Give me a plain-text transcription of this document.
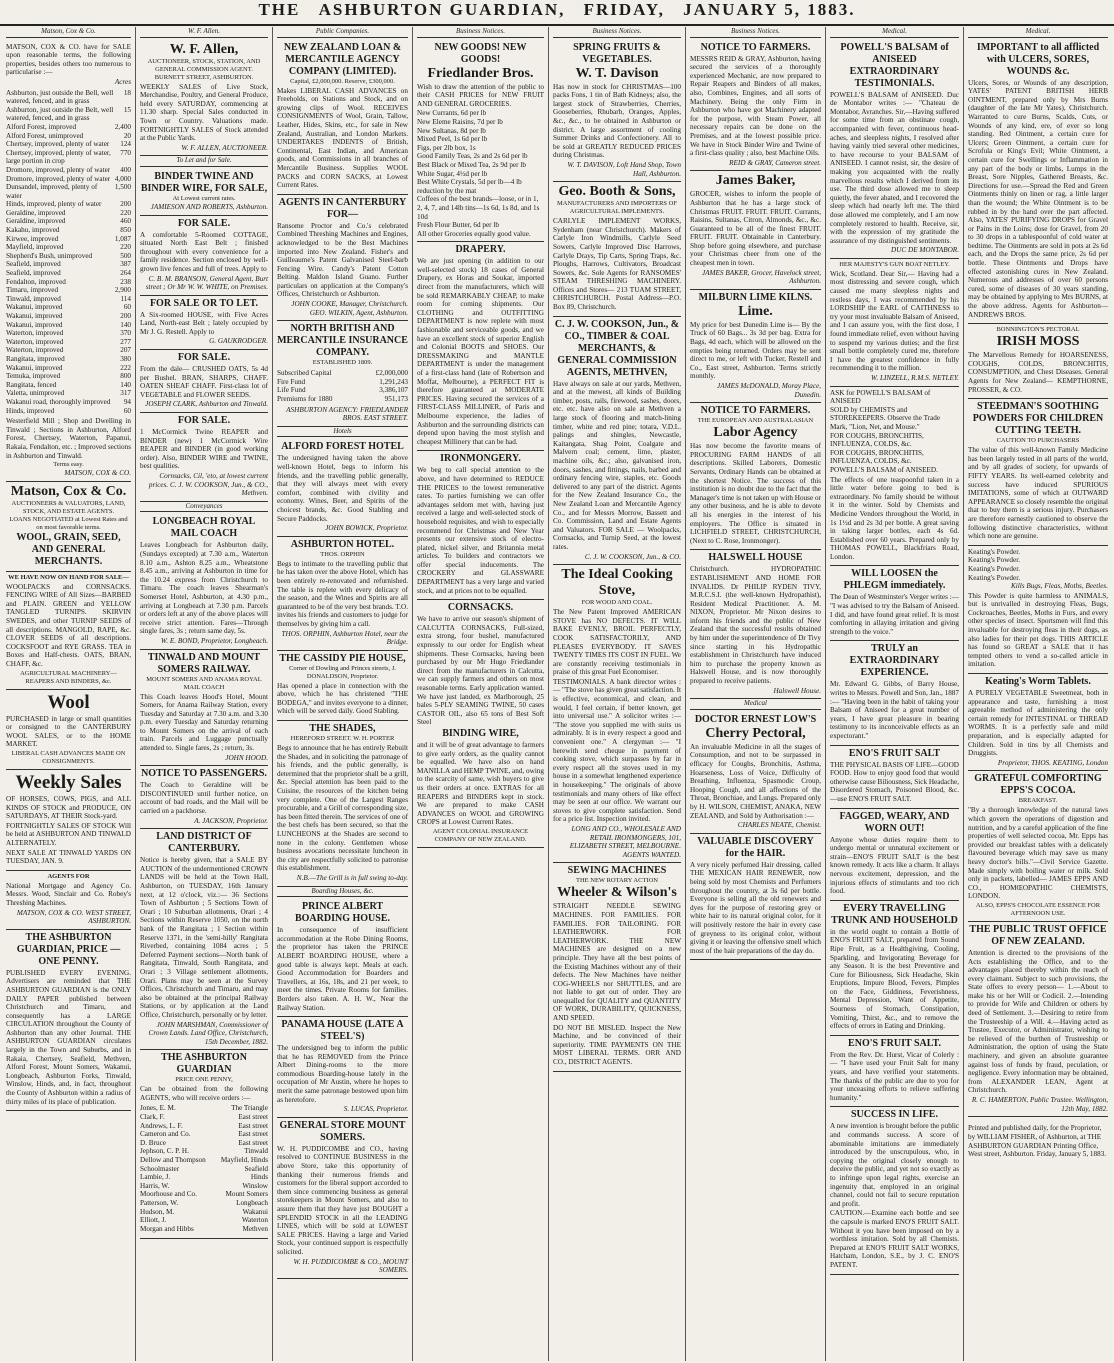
THE ASHBURTON GUARDIAN, FRIDAY, JANUARY 5, 1883.
Matson, Cox & Co.

MATSON, COX & CO. have for SALE upon reasonable terms, the following properties, besides others too numerous to particularise :—

Acres
Ashburton, just outside the Bell, well watered, fenced, and in grass
18
Ashburton, just outside the Belt, well watered, fenced, and in grass
15
Alford Forest, improved	2,400
Alford Forest, unimproved	20
Chertsey, improved, plenty of water 124
Chertsey, improved, plenty of water, large portion in crop
770
Dromore, improved, plenty of water 400
Dromore, improved, plenty of water 4,000
Dunsandel, improved, plenty of water
1,500
Hinds, improved, plenty of water	200
Geraldine, improved	220
Geraldine, improved	460
Kakahu, improved	850
Kirwee, improved	1,087
Mayfield, improved	220
Shepherd's Bush, unimproved	500
Seafield, improved	387
Seafield, improved	264
Fendalton, improved	238
Timaru, improved	2,900
Tinwald, improved	114
Wakanui, improved	60
Wakanui, improved	200
Wakanui, improved	140
Waterton, improved	370
Waterton, improved	277
Waterton, improved	207
Rangitata, improved	380
Wakanui, improved	222
Temuka, improved	800
Rangitata, fenced	140
Valetta, unimproved	317
Wakanui road, thoroughly improved 94
Hinds, improved	60

Westerfield Mill ; Shop and Dwelling in Tinwald ; Sections in Ashburton, Alford Forest, Chertsey, Waterton, Papanui, Rakaia, Fendalton, etc. ; Improved sections in Ashburton and Tinwald.

Terms easy.
MATSON, COX & CO.
Matson, Cox & Co.
AUCTIONEERS & VALUATORS, LAND, STOCK, AND ESTATE AGENTS.
LOANS NEGOTIATED at Lowest Rates and on most favorable terms.
WOOL, GRAIN, SEED, AND GENERAL MERCHANTS.
WE HAVE NOW ON HAND FOR SALE—

WOOLPACKS and CORNSACKS. FENCING WIRE of All Sizes—BARBED and PLAIN. GREEN and YELLOW TANGLED TURNIPS. SKIRVIN SWEDES, and other TURNIP SEEDS of all descriptions. MANGOLD, RAPE, &c. CLOVER SEEDS of all descriptions. COCKSFOOT and RYE GRASS. TEA in Boxes and Half-chests. OATS, BRAN, CHAFF, &c.

AGRICULTURAL MACHINERY—REAPERS AND BINDERS, &c.
Wool

PURCHASED in large or small quantities or consigned to the CANTERBURY WOOL SALES, or to the HOME MARKET.

LIBERAL CASH ADVANCES MADE ON CONSIGNMENTS.
Weekly Sales

OF HORSES, COWS, PIGS, and ALL KINDS OF STOCK and PRODUCE, ON SATURDAYS, AT THEIR Stock-yard.

FORTNIGHTLY SALES OF STOCK Will be held at ASHBURTON AND TINWALD ALTERNATELY.

NEXT SALE AT TINWALD YARDS ON TUESDAY, JAN. 9.

AGENTS FOR

National Mortgage and Agency Co. Messrs. Wood, Sinclair and Co. Robey's Threshing Machines.

MATSON, COX & CO. WEST STREET, ASHBURTON.
THE ASHBURTON GUARDIAN, PRICE — ONE PENNY.

PUBLISHED EVERY EVENING. Advertisers are reminded that THE ASHBURTON GUARDIAN is the ONLY DAILY PAPER published between Christchurch and Timaru, and consequently has a LARGE CIRCULATION throughout the County of Ashburton than any other Journal. THE ASHBURTON GUARDIAN circulates largely in the Town and Suburbs, and in Rakaia, Chertsey, Seafield, Methven, Alford Forest, Mount Somers, Wakanui, Longbeach, Ashburton Forks, Tinwald, Winslow, Hinds, and, in fact, throughout the County of Ashburton within a radius of thirty miles of its place of publication.

W. F. Allen.
W. F. Allen,
AUCTIONEER, STOCK, STATION, AND GENERAL COMMISSION AGENT.
BURNETT STREET, ASHBURTON.

WEEKLY SALES of Live Stock, Merchandise, Poultry, and General Produce, held every SATURDAY, commencing at 11.30 sharp. Special Sales conducted in Town or Country. Valuations made. FORTNIGHTLY SALES of Stock attended at the Public Yards.

W. F. ALLEN, AUCTIONEER.
To Let and for Sale.
BINDER TWINE AND BINDER WIRE, FOR SALE,
At Lowest current rates.
JAMIESON AND ROBERTS, Ashburton.
FOR SALE.

A comfortable 5-Roomed COTTAGE, situated North East Belt ; finished throughout with every convenience for a family residence. Section enclosed by well-grown live fences and full of trees. Apply to

C. B. M. BRANSON, General Agent, Burt street ; Or Mr W. W. WHITE, on Premises.
FOR SALE OR TO LET.

A Six-roomed HOUSE, with Five Acres Land, North-east Belt ; lately occupied by Mr J. G. Restell. Apply to

G. GAUKRODGER.
FOR SALE.

From the dale— CRUSHED OATS, 5s 4d per Bushel. BRAN, SHARPS, CHAFF. OATEN SHEAF CHAFF. First-class lot of VEGETABLE and FLOWER SEEDS.

JOSEPH CLARK, Ashburton and Tinwald.
FOR SALE.

1 McCormick Twine REAPER and BINDER (new) 1 McCormick Wire REAPER and BINDER (in good working order). Also, BINDER WIRE and TWINE, best qualities.

Cornsacks, Cil, 'eto, at lowest current prices. C. J. W. COOKSON, Jun., & CO., Methven.
Conveyances
LONGBEACH ROYAL MAIL COACH

Leaves Longbeach for Ashburton daily, (Sundays excepted) at 7.30 a.m., Waterton 8.10 a.m., Ashton 8.25 a.m., Wheatstone 8.45 a.m., arriving at Ashburton in time for the 10.24 express from Christchurch to Timaru. The coach leaves Shearman's Somerset Hotel, Ashburton, at 4.30 p.m., arriving at Longbeach at 7.30 p.m. Parcels or orders left at any of the above places will receive strict attention. Fares—Through single fares, 3s ; return same day, 5s.

W. E. BOND, Proprietor, Longbeach.
TINWALD AND MOUNT SOMERS RAILWAY.
MOUNT SOMERS AND ANAMA ROYAL MAIL COACH

This Coach leaves Hood's Hotel, Mount Somers, for Anama Railway Station, every Tuesday and Saturday at 7.30 a.m. and 3.30 p.m. every Tuesday and Saturday returning to Mount Somers on the arrival of each train. Parcels and Luggage punctually attended to. Single fares, 2s ; return, 3s.

JOHN HOOD.
NOTICE TO PASSENGERS.

The Coach to Geraldine will be DISCONTINUED until further notice, on account of bad roads, and the Mail will be carried on a packhorse.

A. JACKSON, Proprietor.
LAND DISTRICT OF CANTERBURY.

Notice is hereby given, that a SALE BY AUCTION of the undermentioned CROWN LANDS will be held at the Town Hall, Ashburton, on TUESDAY, 16th January next, at 12 o'clock, viz.:— 36 Sections Town of Ashburton ; 5 Sections Town of Orari ; 10 Suburban allotments, Orari ; 4 Sections within Reserve 1050, on the north bank of the Rangitata ; 1 Section within Reserve 1371, in the 'semi-hilly' Rangitata Riverbed, containing 1084 acres ; 5 Deferred Payment sections—North bank of Rangitata, Tinwald, South Rangitata, and Orari ; 3 Village settlement allotments, Orari. Plans may be seen at the Survey Offices, Christchurch and Timaru, and may also be obtained at the principal Railway Stations, or by application at the Land Office, Christchurch, personally or by letter.

JOHN MARSHMAN, Commissioner of Crown Lands. Land Office, Christchurch, 15th December, 1882.
THE ASHBURTON GUARDIAN
PRICE ONE PENNY,

Can be obtained from the following AGENTS, who will receive orders :—

Jones, E. M.	The Triangle
Clark, F.	East street
Andrews, L. F.	East street
Cameron and Co.	East street
D. Bruce	East street
Jephson, C. P. H.	Tinwald
Dellow and Thompson Mayfield, Hinds
Schoolmaster	Seafield
Lambie, J.	Hinds
Harris, W.	Winslow
Moorhouse and Co.	Mount Somers
Patterson, W.	Longbeach
Hudson, M.	Wakanui
Elliott, J.	Waterton
Morgan and Hibbs	Methven
Public Companies.
NEW ZEALAND LOAN & MERCANTILE AGENCY COMPANY (LIMITED).
Capital, £2,000,000. Reserve, £300,000.

Makes LIBERAL CASH ADVANCES on Freeholds, on Stations and Stock, and on growing clips of Wool. RECEIVES CONSIGNMENTS of Wool, Grain, Tallow, Leather, Hides, Skins, etc., for sale in New Zealand, Australian, and London Markets. UNDERTAKES INDENTS of British, Continental, East Indian, and American goods, and Commissions in all branches of Mercantile Business. Supplies WOOL PACKS and CORN SACKS, at Lowest Current Rates.

AGENTS IN CANTERBURY FOR—

Ransome Proctor and Co.'s celebrated Combined Threshing Machines and Engines, acknowledged to be the Best Machines imported into New Zealand. Fisher's and Guilleaume's Patent Galvanised Steel-barb Fencing Wire. Candy's Patent Cotton Belting. Maldon Island Guano. Further particulars on application at the Company's Offices, Christchurch or Ashburton.

JOHN COOKE, Manager, Christchurch. GEO. WILKIN, Agent, Ashburton.
NORTH BRITISH AND MERCANTILE INSURANCE COMPANY.
ESTABLISHED 1809.
Subscribed Capital	£2,000,000
Fire Fund	1,291,243
Life Fund	3,386,107
Premiums for 1880	951,173
ASHBURTON AGENCY: FRIEDLANDER BROS. EAST STREET.
Hotels
ALFORD FOREST HOTEL

The undersigned having taken the above well-known Hotel, begs to inform his friends, and the travelling public generally, that they will always meet with every comfort, combined with civility and economy. Wines, Beer, and Spirits of the choicest brands, &c. Good Stabling and Secure Paddocks.

JOHN BOWICK, Proprietor.
ASHBURTON HOTEL.
THOS. ORPHIN

Begs to intimate to the travelling public that he has taken over the above Hotel, which has been entirely re-renovated and refurnished. The table is replete with every delicacy of the season, and the Wines and Spirits are all guaranteed to be of the very best brands. T.O. invites his friends and customers to judge for themselves by giving him a call.

THOS. ORPHIN, Ashburton Hotel, near the Bridge.
THE CASSIDY PIE HOUSE,
Corner of Dowling and Princes streets, J. DONALDSON, Proprietor.

Has opened a place in connection with the above, which he has christened "THE BODEGA," and invites everyone to a dinner, which will be served daily. Good Stabling.

THE SHADES,
HEREFORD STREET. W. H. PORTER

Begs to announce that he has entirely Rebuilt the Shades, and in soliciting the patronage of his friends, and the public generally, is determined that the proprietor shall be a grill, &c. Special attention has been paid to the Cuisine, the resources of the kitchen being very complete. One of the Largest Ranges procurable, and a Grill of corresponding size, has been fitted therein. The services of one of the best chefs has been secured, so that the LUNCHEONS at the Shades are second to none in the colony. Gentlemen whose business avocations necessitate luncheon in the city are respectfully solicited to patronise this establishment.

N.B.—The Grill is in full swing to-day.
Boarding Houses, &c.
PRINCE ALBERT BOARDING HOUSE.

In consequence of insufficient accommodation at the Robe Dining Rooms, the proprietor has taken the PRINCE ALBERT BOARDING HOUSE, where a good table is always kept. Meals at each. Good Accommodation for Boarders and Travellers, at 16s, 18s, and 21 per week, to meet the times. Private Rooms for families. Borders also taken. A. H. W., Near the Railway Station.

PANAMA HOUSE (LATE A STEEL'S)

The undersigned beg to inform the public that he has REMOVED from the Prince Albert Dining-rooms to the more commodious Boarding-house lately in the occupation of Mr Austin, where he hopes to merit the same patronage bestowed upon him as heretofore.

S. LUCAS, Proprietor.
GENERAL STORE MOUNT SOMERS.

W. H. PUDDICOMBE and CO., having resolved to CONTINUE BUSINESS in the above Store, take this opportunity of thanking their numerous friends and customers for the liberal support accorded to them since commencing business as general storekeepers in Mount Somers, and also to assure them that they have just BOUGHT a SPLENDID STOCK in all the LEADING LINES, which will be sold at LOWEST SALE PRICES. Having a large and Varied Stock, your continued support is respectfully solicited.

W. H. PUDDICOMBE & CO., MOUNT SOMERS.
Business Notices.
NEW GOODS! NEW GOODS!
Friedlander Bros.

Wish to draw the attention of the public to their CASH PRICES for NEW FRUIT AND GENERAL GROCERIES.

New Currants, 6d per lb
New Eleme Raisins, 7d per lb
New Sultanas, 8d per lb
Mixed Peel, 1s 6d per lb
Figs, per 2lb box, 1s
Good Family Teas, 2s and 2s 6d per lb
Best Black or Mixed Tea, 2s 9d per lb
White Sugar, 4½d per lb
Best White Crystals, 5d per lb—4 lb reduction by the mat
Coffees of the best brands—loose, or in 1, 2, 4, 7, and 14lb tins—1s 6d, 1s 8d, and 1s 10d
Fresh Flour Butter, 6d per lb
All other Groceries equally good value.
DRAPERY.

We are just opening (in addition to our well-selected stock) 18 cases of General Drapery, ex Horas and Soukar, imported direct from the manufacturers, which will be sold REMARKABLY CHEAP, to make room for coming shipments. Our CLOTHING and OUTFITTING DEPARTMENT is now replete with most fashionable and serviceable goods, and we have an excellent stock of superior English and Colonial BOOTS and SHOES. Our DRESSMAKING and MANTLE DEPARTMENT is under the management of a first-class hand (late of Robertson and Moffat, Melbourne), a PERFECT FIT is therefore guaranteed at MODERATE PRICES. Having secured the services of a FIRST-CLASS MILLINER, of Paris and Melbourne experience, the ladies of Ashburton and the surrounding districts can depend upon having the most stylish and cheapest Millinery that can be had.

IRONMONGERY.

We beg to call special attention to the above, and have determined to REDUCE THE PRICES to the lowest remunerative rates. To parties furnishing we can offer advantages seldom met with, having just received a large and well-selected stock of household requisites, and wish to especially recommend for Christmas and New Year presents our extensive stock of electro-plated, nickel silver, and Britannia metal articles. To builders and contractors we offer special inducements. The CROCKERY and GLASSWARE DEPARTMENT has a very large and varied stock, and at prices not to be equalled.

CORNSACKS.

We have to arrive our season's shipment of CALCUTTA CORNSACKS, Full-sized, extra strong, four bushel, manufactured expressly to our order for English wheat shipments. These Cornsacks, having been purchased by our Mr Hugo Friedlander direct from the manufacturers in Calcutta, we can supply farmers and others on most reasonable terms. Early application wanted. We have just landed, ex Marlborough, 25 bales 5-PLY SEAMING TWINE, 50 cases CASTOR OIL, also 65 tons of Best Soft Steel

BINDING WIRE,

and it will be of great advantage to farmers to give early orders, as the quality cannot be equalled. We have also on hand MANILLA and HEMP TWINE, and, owing to the scarcity of same, wish buyers to give us their orders at once. EXTRAS for all REAPERS and BINDERS kept in stock. We are prepared to make CASH ADVANCES on WOOL and GROWING CROPS at Lowest Current Rates.

AGENT COLONIAL INSURANCE COMPANY OF NEW ZEALAND.
Business Notices.
SPRING FRUITS & VEGETABLES.
W. T. Davison

Has now in stock for CHRISTMAS—100 packs Fons, 1 tin of Bath Kidneys; also, the largest stock of Strawberries, Cherries, Gooseberries, Rhubarb, Oranges, Apples, &c., &c., to be obtained in Ashburton or district. A large assortment of cooling Summer Drinks and Confectionery. All to be sold at GREATLY REDUCED PRICES during Christmas.

W. T. DAVISON, Loft Hand Shop, Town Hall, Ashburton.
Geo. Booth & Sons,
MANUFACTURERS AND IMPORTERS OF AGRICULTURAL IMPLEMENTS.

CARLYLE IMPLEMENT WORKS, Sydenham (near Christchurch). Makers of Carlyle Iron Windmills, Carlyle Seed Sowers, Carlyle Improved Disc Harrows, Carlyle Drays, Tip Carts, Spring Traps, &c. Ploughs, Harrows, Cultivators, Broadcast Sowers, &c. Sole Agents for RANSOMES' STEAM THRESHING MACHINERY. Offices and Stores— 213 TUAM STREET, CHRISTCHURCH. Postal Address—P.O. Box 89, Christchurch.

C. J. W. COOKSON, Jun., & CO., TIMBER & COAL MERCHANTS, & GENERAL COMMISSION AGENTS, METHVEN,

Have always on sale at our yards, Methven, and at the mewest, all kinds of Building timber, posts, rails, firewood, sashes, doors, etc. etc. have also on sale at Methven a large stock of flooring and match-lining timber, white and red pine; totara, V.D.L. palings and shingles, Newcastle, Kaitangata, Shag Point, Coalgate and Malvern coal; cement, lime, plaster, machine oils, &c.; also, galvanised iron, doors, sashes, and fittings, nails, barbed and ordinary fencing wire, staples, etc. Goods delivered to any part of the district. Agents for the New Zealand Insurance Co., the New Zealand Loan and Mercantile Agency Co., and for Messrs Morrow, Bassett and Co. Commission, Land and Estate Agents and Valuators. FOR SALE — Woolpacks, Cornsacks, and Turnip Seed, at the lowest rates.

C. J. W. COOKSON, Jun., & CO.
The Ideal Cooking Stove,
FOR WOOD AND COAL.

The New Patent Improved AMERICAN STOVE has NO DEFECTS. IT WILL BAKE EVENLY, BROIL PERFECTLY, COOK SATISFACTORILY, AND PLEASES EVERYBODY. IT SAVES TWENTY TIMES ITS COST IN FUEL. We are constantly receiving testimonials in praise of this great Fuel Economiser.

TESTIMONIALS. A bank director writes :— "The stove has given great satisfaction. It is effective, economical, and clean, and would, I feel certain, if better known, get into universal use." A solicitor writes :— "The stove you supplied me with suits us admirably. It is in every respect a good and convenient one." A clergyman :— "I herewith send cheque in payment of cooking stove, which surpasses by far in every respect all the stoves used in my house in a somewhat lengthened experience in housekeeping." The originals of above testimonials and many others of like effect may be seen at our office. We warrant our stoves to give complete satisfaction. Send for a price list. Inspection invited.

LONG AND CO., WHOLESALE AND RETAIL IRONMONGERS, 101, ELIZABETH STREET, MELBOURNE. AGENTS WANTED.
SEWING MACHINES
THE NEW ROTARY ACTION
Wheeler & Wilson's

STRAIGHT NEEDLE SEWING MACHINES. FOR FAMILIES. FOR FAMILIES. FOR TAILORING. FOR LEATHERWORK. FOR LEATHERWORK. THE NEW MACHINES are designed on a new principle. They have all the best points of the Existing Machines without any of their defects. The New Machines have neither COG-WHEELS nor SHUTTLES, and are not liable to get out of order. They are unequalled for QUALITY and QUANTITY OF WORK, DURABILITY, QUICKNESS, AND SPEED.

DO NOT BE MISLED. Inspect the New Machine, and be convinced of their superiority. TIME PAYMENTS ON THE MOST LIBERAL TERMS. ORR AND CO., DISTRICT AGENTS.

Business Notices.
NOTICE TO FARMERS.

MESSRS REID & GRAY, Ashburton, having secured the services of a thoroughly experienced Mechanic, are now prepared to Repair Reapers and Binders of all makes, also, Combines, Engines, and all sorts of Machinery. Being the only Firm in Ashburton who have got Machinery adapted for the purpose, with Steam Power, all necessary repairs can be done on the Premises, and at the lowest possible price. We have in Stock Binder Wire and Twine of a first-class quality ; also, best Machine Oils.

REID & GRAY, Cameron street.
James Baker,

GROCER, wishes to inform the people of Ashburton that he has a large stock of Christmas FRUIT. FRUIT. FRUIT. Currants, Raisins, Sultanas, Citron, Almonds, &c., &c. Guaranteed to be all of the finest FRUIT. FRUIT. FRUIT. Obtainable in Canterbury. Shop before going elsewhere, and purchase your Christmas cheer from one of the cheapest men in town.

JAMES BAKER, Grocer, Havelock street, Ashburton.
MILBURN LIME KILNS.
Lime.

My price for best Dunedin Lime is— By the Truck of 60 Bags... 3s 3d per bag. Extra for Bags, 4d each, which will be allowed on the empties being returned. Orders may be sent direct to me, or left with Tucker, Restell and Co., East street, Ashburton. Terms strictly monthly.

JAMES McDONALD, Moray Place, Dunedin.
NOTICE TO FARMERS.
THE EUROPEAN AND AUSTRALASIAN
Labor Agency

Has now become the favorite means of PROCURING FARM HANDS of all descriptions. Skilled Laborers, Domestic Servants, Ordinary Hands can be obtained at the shortest Notice. The success of this institution is no doubt due to the fact that the Manager's time is not taken up with House or any other business, and he is able to devote all his energies in the interest of his employers. The Office is situated in LICHFIELD STREET, CHRISTCHURCH, (Next to C. Rose, Ironmonger).

HALSWELL HOUSE

Christchurch. HYDROPATHIC ESTABLISHMENT AND HOME FOR INVALIDS. Dr PHILIP RYDEN TIVY, M.R.C.S.I. (the well-known Hydropathist), Resident Medical Practitioner. A. M. NIXON, Proprietor. Mr Nixon desires to inform his friends and the public of New Zealand that the successful results obtained by him under the superintendence of Dr Tivy since starting in his Hydropathic establishment in Christchurch have induced him to purchase the property known as Halswell House, and is now thoroughly prepared to receive patients.

Halswell House.
Medical
DOCTOR ERNEST LOW'S
Cherry Pectoral,

An invaluable Medicine in all the stages of Consumption, and not to be surpassed in efficacy for Coughs, Bronchitis, Asthma, Hoarseness, Loss of Voice, Difficulty of Breathing, Influenza, Spasmodic Croup, Hooping Cough, and all affections of the Throat, Bronchiae, and Lungs. Prepared only by H. WILSON, CHEMIST, ANAKA, NEW ZEALAND, and Sold by Authorisation :—

CHARLES NEATE, Chemist.
VALUABLE DISCOVERY for the HAIR.

A very nicely perfumed Hair dressing, called THE MEXICAN HAIR RENEWER, now being sold by most Chemists and Perfumers throughout the country, at 3s 6d per bottle. Everyone is selling all the old renewers and dyes for the purpose of restoring grey or white hair to its natural original color, for it will positively restore the hair in every case of greyness to its original color, without giving it or leaving the offensive smell which most of the hair preparations of the day do.

Medical.
POWELL'S BALSAM of ANISEED
EXTRAORDINARY TESTIMONIALS.

POWELL'S BALSAM of ANISEED. Duc de Montabor writes :— "Chateau de Montabor, Avranches. Sir,—Having suffered for some time from an obstinate cough, accompanied with fever, continuous head-aches, and sleepless nights, I resolved after having vainly tried several other medicines, to have recourse to your BALSAM of ANISEED. I cannot resist, sir, the desire of making you acquainted with the really marvellous results which I derived from its use. The third dose allowed me to sleep quietly, the fever abated, and I recovered the sleep which had nearly left me. The third dose allowed me completely, and I am now completely restored to health. Receive, sir, with the expression of my gratitude the assurance of my distinguished sentiments.

DUC DE MONTABOR.
HER MAJESTY'S GUN BOAT NETLEY.

Wick, Scotland. Dear Sir,— Having had a most distressing and severe cough, which caused me many sleepless nights and restless days, I was recommended by his LORDSHIP the EARL of CAITHNESS to try your most invaluable Balsam of Aniseed, and I can assure you, with the first dose, I found immediate relief, even without having to suspend my various duties; and the first small bottle completely cured me, therefore I have the greatest confidence in fully recommending it to the million.

W. LINZELL, R.M.S. NETLEY.
ASK for POWELL'S BALSAM of ANISEED
SOLD by CHEMISTS and STOREKEEPERS. Observe the Trade Mark, "Lion, Net, and Mouse."
FOR COUGHS, BRONCHITIS, INFLUENZA, COLDS, &c.
FOR COUGHS, BRONCHITIS, INFLUENZA, COLDS, &c.
POWELL'S BALSAM of ANISEED.

The effects of one teaspoonful taken in a little water before going to bed is extraordinary. No family should be without it in the winter. Sold by Chemists and Medicine Vendors throughout the World, in 1s 1½d and 2s 3d per bottle. A great saving in taking larger bottles, each 4s 6d. Established over 60 years. Prepared only by THOMAS POWELL, Blackfriars Road, London.

WILL LOOSEN the PHLEGM immediately.

The Dean of Westminster's Verger writes :— "I was advised to try the Balsam of Aniseed. I did, and have found great relief. It is most comforting in allaying irritation and giving strength to the voice."

TRULY an EXTRAORDINARY EXPERIENCE.

Mr. Edward G. Gibbs, of Barry House, writes to Messrs. Powell and Son, Jan., 1887 :— "Having been in the habit of taking your Balsam of Aniseed for a great number of years, I have great pleasure in bearing testimony to its inconceivable effects as an expectorant."

ENO'S FRUIT SALT

THE PHYSICAL BASIS OF LIFE—GOOD FOOD. How to enjoy good food that would otherwise cause Biliousness, Sick Headache, Disordered Stomach, Poisoned Blood, &c.—use ENO'S FRUIT SALT.

FAGGED, WEARY, AND WORN OUT!

Anyone whose duties require them to undergo mental or unnatural excitement or strain—ENO'S FRUIT SALT is the best known remedy. It acts like a charm. It allays nervous excitement, depression, and the injurious effects of stimulants and too rich food.

EVERY TRAVELLING TRUNK AND HOUSEHOLD

in the world ought to contain a Bottle of ENO'S FRUIT SALT, prepared from Sound Ripe Fruit, as a Healthgiving, Cooling, Sparkling, and Invigorating Beverage for any Season. It is the best Preventive and Cure for Biliousness, Sick Headache, Skin Eruptions, Impure Blood, Fevers, Pimples on the Face, Giddiness, Feverishness, Mental Depression, Want of Appetite, Sourness of Stomach, Constipation, Vomiting, Thirst, &c., and to remove the effects of errors in Eating and Drinking.

ENO'S FRUIT SALT.

From the Rev. Dr. Hurst, Vicar of Colerly :— "I have used your Fruit Salt for many years, and have verified your statements. The thanks of the public are due to you for your unceasing efforts to relieve suffering humanity."

SUCCESS IN LIFE.

A new invention is brought before the public and commands success. A score of abominable imitations are immediately introduced by the unscrupulous, who, in copying the original closely enough to deceive the public, and yet not so exactly as to infringe upon legal rights, exercise an ingenuity that, employed in an original channel, could not fail to secure reputation and profit.

CAUTION.—Examine each bottle and see the capsule is marked ENO'S FRUIT SALT. Without it you have been imposed on by a worthless imitation. Sold by all Chemists. Prepared at ENO'S FRUIT SALT WORKS, Hatcham, London, S.E., by J. C. ENO'S PATENT.

Medical.
IMPORTANT to all afflicted with ULCERS, SORES, WOUNDS &c.

Ulcers, Sores, or Wounds of any description, YATES' PATENT BRITISH HERB OINTMENT, prepared only by Mrs Burns (daughter of the late Mr Yates), Christchurch. Warranted to cure Burns, Scalds, Cuts, or Wounds of any kind, ere, of ever so long standing. Red Ointment, a certain cure for Ulcers; Green Ointment, a certain cure for Scrofula or King's Evil; White Ointment, a certain cure for Swellings or Inflammation in any part of the body or limbs, Lumps in the Breast, Sore Nipples, Gathered Breasts, &c. Directions for use.—Spread the Red and Green Ointments thinly on linen or rag, a little larger than the wound; the White Ointment is to be rubbed in by the hand over the part affected. Also, YATES' PURIFYING DROPS for Gravel or Pains in the Loins; dose for Gravel, from 20 to 30 drops in a tablespoonful of cold water at bedtime. The Ointments are sold in pots at 2s 6d each, and the Drops the same price, 2s 6d per bottle. These Ointments and Drops have effected astonishing cures in New Zealand. Numerous and addresses of over 60 persons cured, some of diseases of 30 years standing, may be obtained by applying to Mrs BURNS, at the above address. Agents for Ashburton—ANDREWS BROS.

BONNINGTON'S PECTORAL
IRISH MOSS

The Marvellous Remedy for HOARSENESS, COUGHS, COLDS, BRONCHITIS, CONSUMPTION, and Chest Diseases. General Agents for New Zealand— KEMPTHORNE, PROSSER, & CO.

STEEDMAN'S SOOTHING POWDERS FOR CHILDREN CUTTING TEETH.
CAUTION TO PURCHASERS

The value of this well-known Family Medicine has been largely tested in all parts of the world, and by all grades of society, for upwards of FIFTY YEARS. Its well-earned celebrity and success have induced SPURIOUS IMITATIONS, some of which at OUTWARD APPEARANCE so closely resemble the original that to buy them is a serious injury. Purchasers are therefore earnestly cautioned to observe the following distinctive characteristics, without which none are genuine.

Keating's Powder.
Keating's Powder.
Keating's Powder.
Keating's Powder.
Kills Bugs, Fleas, Moths, Beetles.

This Powder is quite harmless to ANIMALS, but is unrivalled in destroying Fleas, Bugs, Cockroaches, Beetles, Moths in Furs, and every other species of insect. Sportsmen will find this invaluable for destroying fleas in their dogs, as also ladies for their pet dogs. THIS ARTICLE has found so GREAT a SALE that it has tempted others to vend a so-called article in imitation.

Keating's Worm Tablets.

A PURELY VEGETABLE Sweetmeat, both in appearance and taste, furnishing a most agreeable method of administering the only certain remedy for INTESTINAL or THREAD WORMS. It is a perfectly safe and mild preparation, and is especially adapted for Children. Sold in tins by all Chemists and Druggists.

Proprietor, THOS. KEATING, London
GRATEFUL COMFORTING EPPS'S COCOA.
BREAKFAST.

"By a thorough knowledge of the natural laws which govern the operations of digestion and nutrition, and by a careful application of the fine properties of well selected cocoa, Mr. Epps has provided our breakfast tables with a delicately flavoured beverage which may save us many heavy doctor's bills."—Civil Service Gazette. Made simply with boiling water or milk. Sold only in packets, labelled— JAMES EPPS AND CO., HOMŒOPATHIC CHEMISTS, LONDON.

ALSO, EPPS'S CHOCOLATE ESSENCE FOR AFTERNOON USE.
THE PUBLIC TRUST OFFICE OF NEW ZEALAND.

Attention is directed to the provisions of the Acts establishing the Office, and to the advantages placed thereby within the reach of every claimant. Subject to such provisions, the State offers to every person— 1.—About to make his or her Will or Codicil. 2.—Intending to provide for Wife and Children or others by deed of Settlement. 3.—Desiring to retire from the Trusteeship of a Will. 4.—Having acted as Trustee, Executor, or Administrator, wishing to be relieved of the burthen of Trusteeship or Administration, the option of using the State machinery, and given an absolute guarantee against loss of funds by fraud, peculation, or negligence. Every information may be obtained, from ALEXANDER LEAN, Agent at Christchurch.

R. C. HAMERTON, Public Trustee. Wellington, 12th May, 1882.

Printed and published daily, for the Proprietor, by WILLIAM FISHER, of Ashburton, at THE ASHBURTON GUARDIAN Printing Office, West street, Ashburton. Friday, January 5, 1883.
